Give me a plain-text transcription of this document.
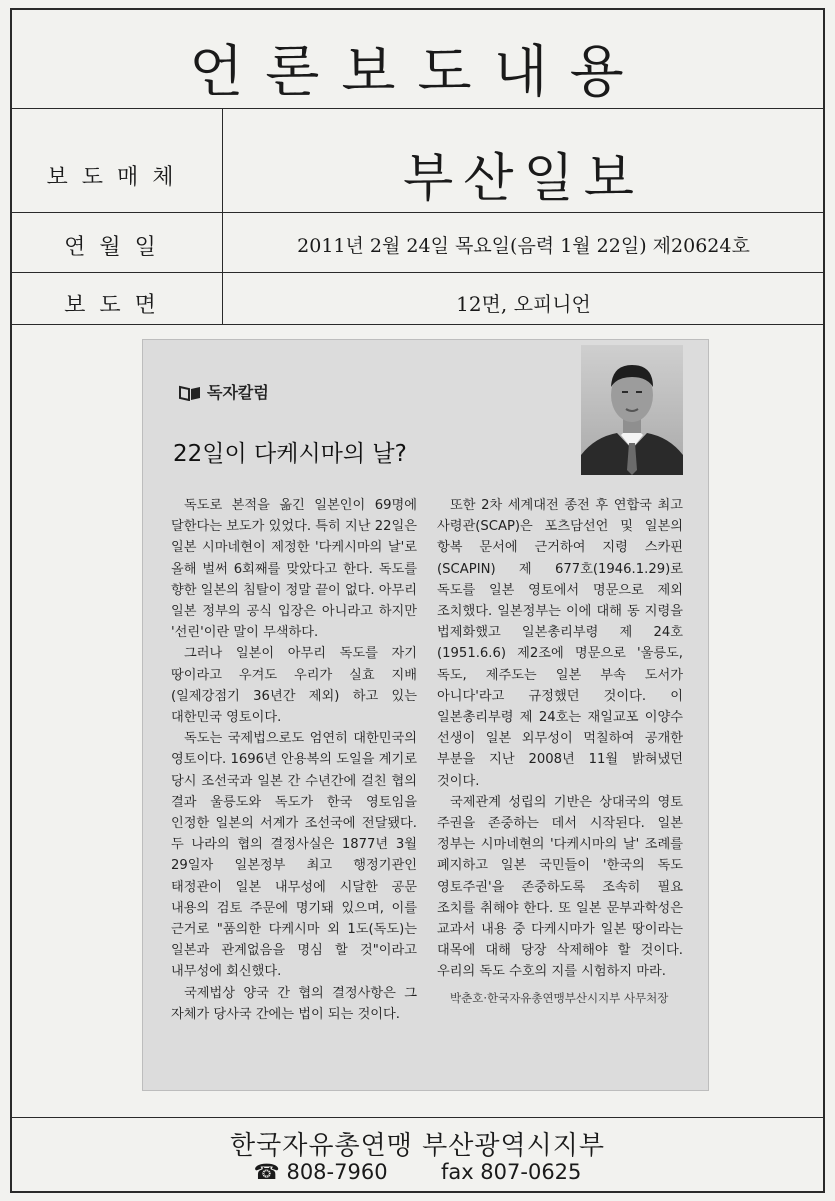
언론보도내용
보도매체	부산일보
연월일	2011년 2월 24일 목요일(음력 1월 22일) 제20624호
보도면	12면, 오피니언
한국자유총연맹 부산광역시지부
☎ 808-7960	fax 807-0625
독자칼럼
22일이 다케시마의 날?

독도로 본적을 옮긴 일본인이 69명에 달한다는 보도가 있었다. 특히 지난 22일은 일본 시마네현이 제정한 '다케시마의 날'로 올해 벌써 6회째를 맞았다고 한다. 독도를 향한 일본의 침탈이 정말 끝이 없다. 아무리 일본 정부의 공식 입장은 아니라고 하지만 '선린'이란 말이 무색하다.

그러나 일본이 아무리 독도를 자기 땅이라고 우겨도 우리가 실효 지배(일제강점기 36년간 제외) 하고 있는 대한민국 영토이다.

독도는 국제법으로도 엄연히 대한민국의 영토이다. 1696년 안용복의 도일을 계기로 당시 조선국과 일본 간 수년간에 걸친 협의 결과 울릉도와 독도가 한국 영토임을 인정한 일본의 서계가 조선국에 전달됐다. 두 나라의 협의 결정사실은 1877년 3월 29일자 일본정부 최고 행정기관인 태정관이 일본 내무성에 시달한 공문 내용의 검토 주문에 명기돼 있으며, 이를 근거로 "품의한 다케시마 외 1도(독도)는 일본과 관계없음을 명심 할 것"이라고 내무성에 회신했다.

국제법상 양국 간 협의 결정사항은 그 자체가 당사국 간에는 법이 되는 것이다.

또한 2차 세계대전 종전 후 연합국 최고 사령관(SCAP)은 포츠담선언 및 일본의 항복 문서에 근거하여 지령 스카핀(SCAPIN) 제 677호(1946.1.29)로 독도를 일본 영토에서 명문으로 제외 조치했다. 일본정부는 이에 대해 동 지령을 법제화했고 일본총리부령 제 24호(1951.6.6) 제2조에 명문으로 '울릉도, 독도, 제주도는 일본 부속 도서가 아니다'라고 규정했던 것이다. 이 일본총리부령 제 24호는 재일교포 이양수 선생이 일본 외무성이 먹칠하여 공개한 부분을 지난 2008년 11월 밝혀냈던 것이다.

국제관계 성립의 기반은 상대국의 영토 주권을 존중하는 데서 시작된다. 일본 정부는 시마네현의 '다케시마의 날' 조례를 폐지하고 일본 국민들이 '한국의 독도 영토주권'을 존중하도록 조속히 필요 조치를 취해야 한다. 또 일본 문부과학성은 교과서 내용 중 다케시마가 일본 땅이라는 대목에 대해 당장 삭제해야 할 것이다. 우리의 독도 수호의 지를 시험하지 마라.

박춘호·한국자유총연맹부산시지부 사무처장
